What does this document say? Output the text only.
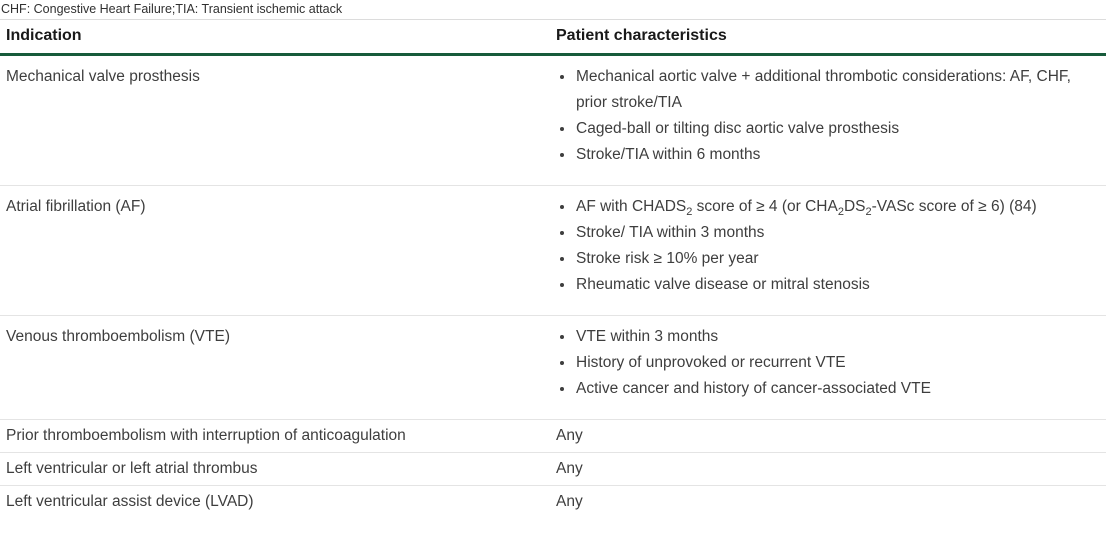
CHF: Congestive Heart Failure;TIA: Transient ischemic attack
Indication	Patient characteristics
Mechanical valve prosthesis	
•Mechanical aortic valve + additional thrombotic considerations: AF, CHF, prior stroke/TIA
• Caged-ball or tilting disc aortic valve prosthesis
• Stroke/TIA within 6 months

Atrial fibrillation (AF)	
•AF with $CHADS_2$ score of ≥ 4 (or $CHA_2DS_2$-VASc score of ≥ 6) (84)
• Stroke/ TIA within 3 months
• Stroke risk ≥ 10% per year
• Rheumatic valve disease or mitral stenosis

Venous thromboembolism (VTE)	
•VTE within 3 months
• History of unprovoked or recurrent VTE
• Active cancer and history of cancer-associated VTE

Prior thromboembolism with interruption of anticoagulation	Any
Left ventricular or left atrial thrombus	Any
Left ventricular assist device (LVAD)	Any
